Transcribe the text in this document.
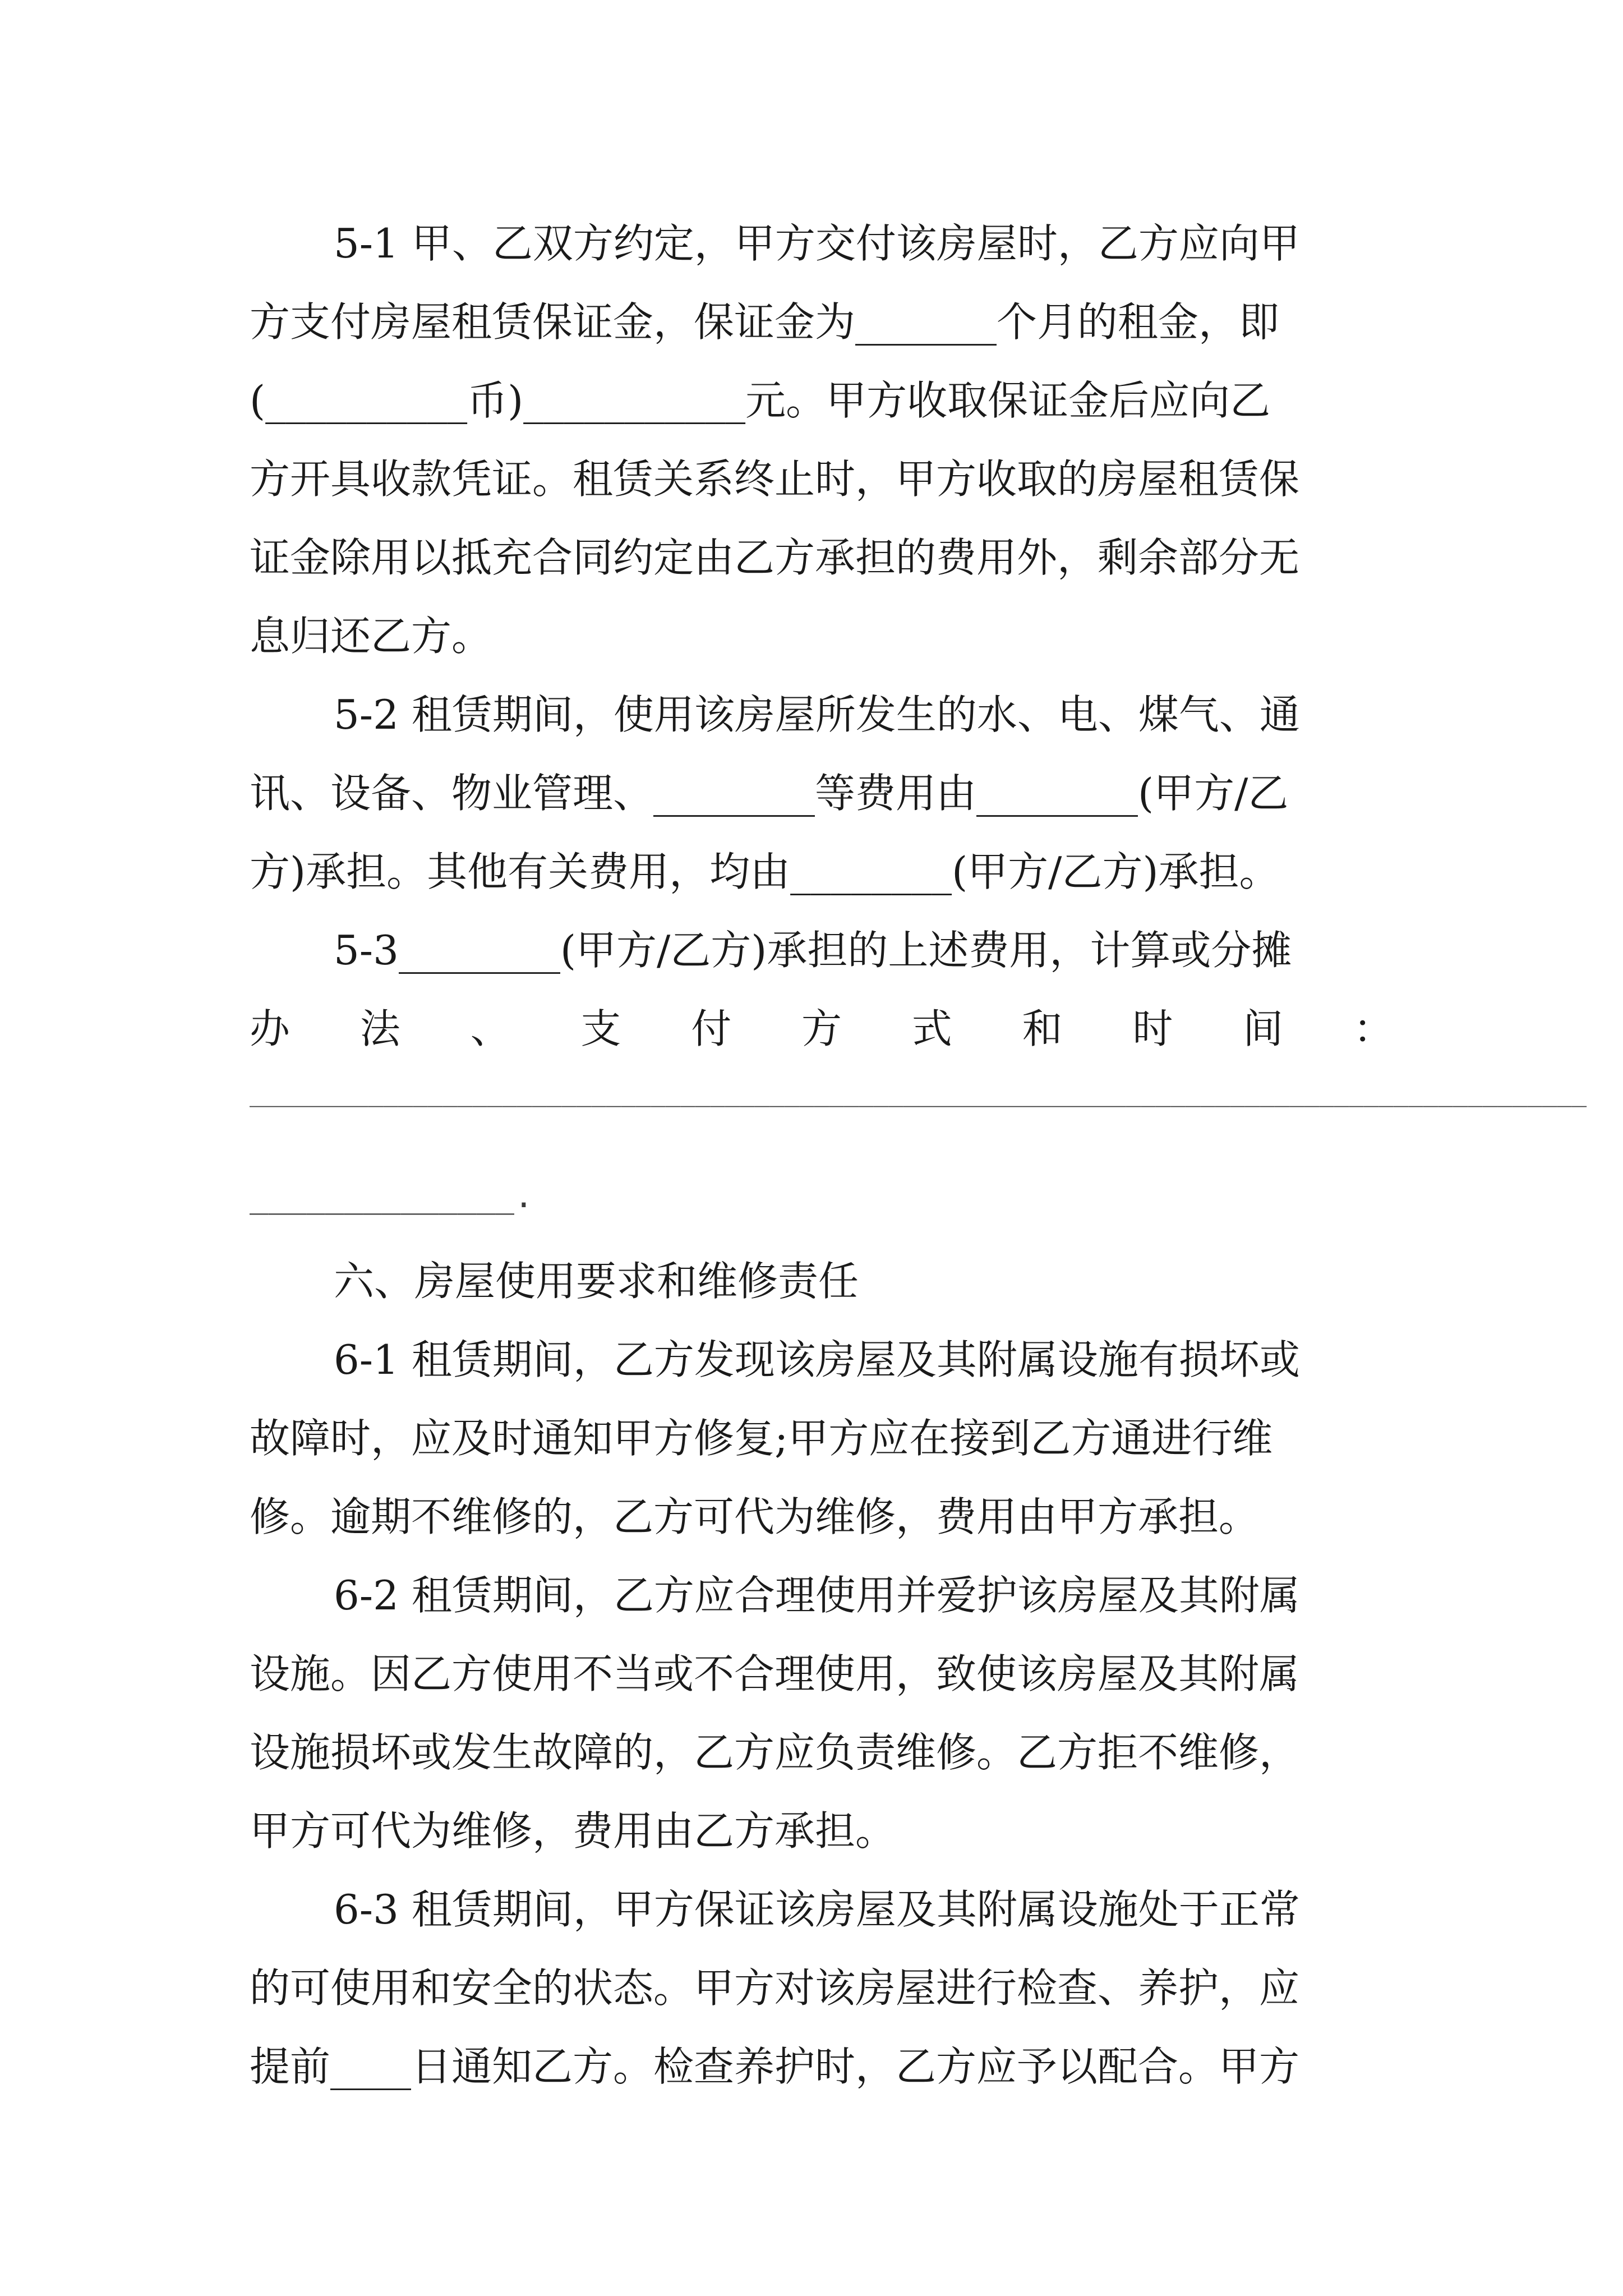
5-1 甲、乙双方约定，甲方交付该房屋时，乙方应向甲
方支付房屋租赁保证金，保证金为_______个月的租金，即
(__________币)___________元。甲方收取保证金后应向乙
方开具收款凭证。租赁关系终止时，甲方收取的房屋租赁保
证金除用以抵充合同约定由乙方承担的费用外，剩余部分无
息归还乙方。
5-2 租赁期间，使用该房屋所发生的水、电、煤气、通
讯、设备、物业管理、________等费用由________(甲方/乙
方)承担。其他有关费用，均由________(甲方/乙方)承担。
5-3________(甲方/乙方)承担的上述费用，计算或分摊
办 法 、 支 付 方 式 和 时 间 ：
__________________________________________________________________________________________
______________.
六、房屋使用要求和维修责任
6-1 租赁期间，乙方发现该房屋及其附属设施有损坏或
故障时，应及时通知甲方修复;甲方应在接到乙方通进行维
修。逾期不维修的，乙方可代为维修，费用由甲方承担。
6-2 租赁期间，乙方应合理使用并爱护该房屋及其附属
设施。因乙方使用不当或不合理使用，致使该房屋及其附属
设施损坏或发生故障的，乙方应负责维修。乙方拒不维修，
甲方可代为维修，费用由乙方承担。
6-3 租赁期间，甲方保证该房屋及其附属设施处于正常
的可使用和安全的状态。甲方对该房屋进行检查、养护，应
提前____日通知乙方。检查养护时，乙方应予以配合。甲方
